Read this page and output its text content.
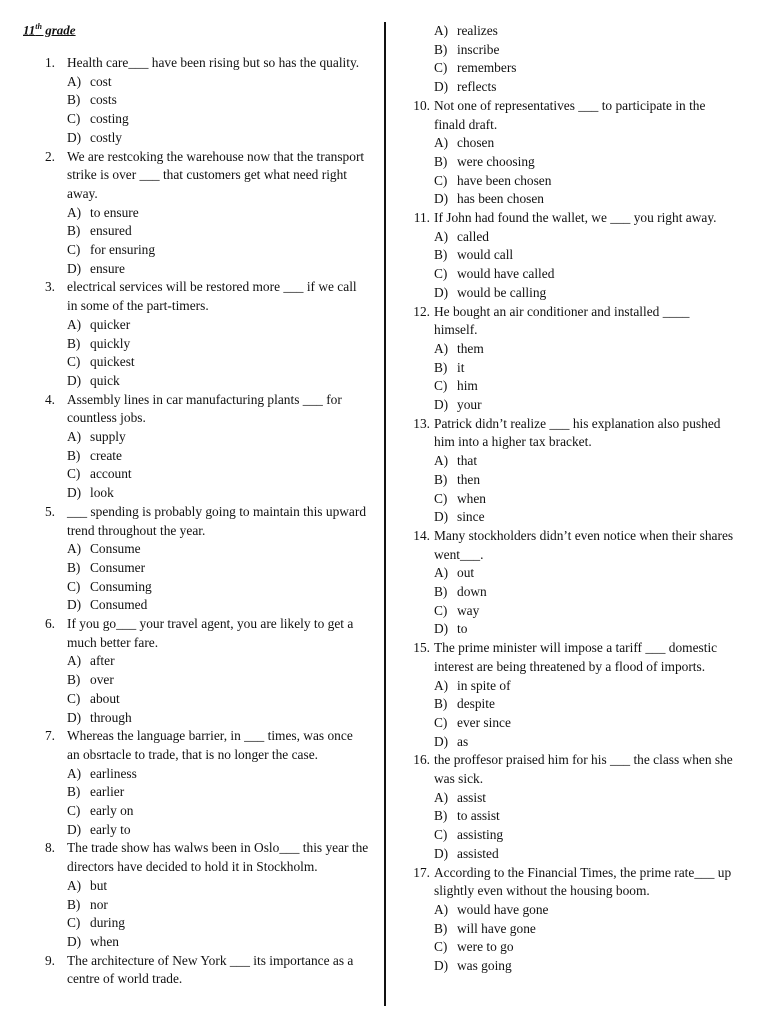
11th grade
1. Health care___ have been rising but so has the quality.
A) cost
B) costs
C) costing
D) costly
2. We are restcoking the warehouse now that the transport
strike is over ___ that customers get what need right
away.
A) to ensure
B) ensured
C) for ensuring
D) ensure
3. electrical services will be restored more ___ if we call
in some of the part-timers.
A) quicker
B) quickly
C) quickest
D) quick
4. Assembly lines in car manufacturing plants ___ for
countless jobs.
A) supply
B) create
C) account
D) look
5. ___ spending is probably going to maintain this upward
trend throughout the year.
A) Consume
B) Consumer
C) Consuming
D) Consumed
6. If you go___ your travel agent, you are likely to get a
much better fare.
A) after
B) over
C) about
D) through
7. Whereas the language barrier, in ___ times, was once
an obsrtacle to trade, that is no longer the case.
A) earliness
B) earlier
C) early on
D) early to
8. The trade show has walws been in Oslo___ this year the
directors have decided to hold it in Stockholm.
A) but
B) nor
C) during
D) when
9. The architecture of New York ___ its importance as a
centre of world trade.
A) realizes
B) inscribe
C) remembers
D) reflects
10. Not one of representatives ___ to participate in the
finald draft.
A) chosen
B) were choosing
C) have been chosen
D) has been chosen
11. If John had found the wallet, we ___ you right away.
A) called
B) would call
C) would have called
D) would be calling
12. He bought an air conditioner and installed ____
himself.
A) them
B) it
C) him
D) your
13. Patrick didn’t realize ___ his explanation also pushed
him into a higher tax bracket.
A) that
B) then
C) when
D) since
14. Many stockholders didn’t even notice when their shares
went___.
A) out
B) down
C) way
D) to
15. The prime minister will impose a tariff ___ domestic
interest are being threatened by a flood of imports.
A) in spite of
B) despite
C) ever since
D) as
16. the proffesor praised him for his ___ the class when she
was sick.
A) assist
B) to assist
C) assisting
D) assisted
17. According to the Financial Times, the prime rate___ up
slightly even without the housing boom.
A) would have gone
B) will have gone
C) were to go
D) was going
